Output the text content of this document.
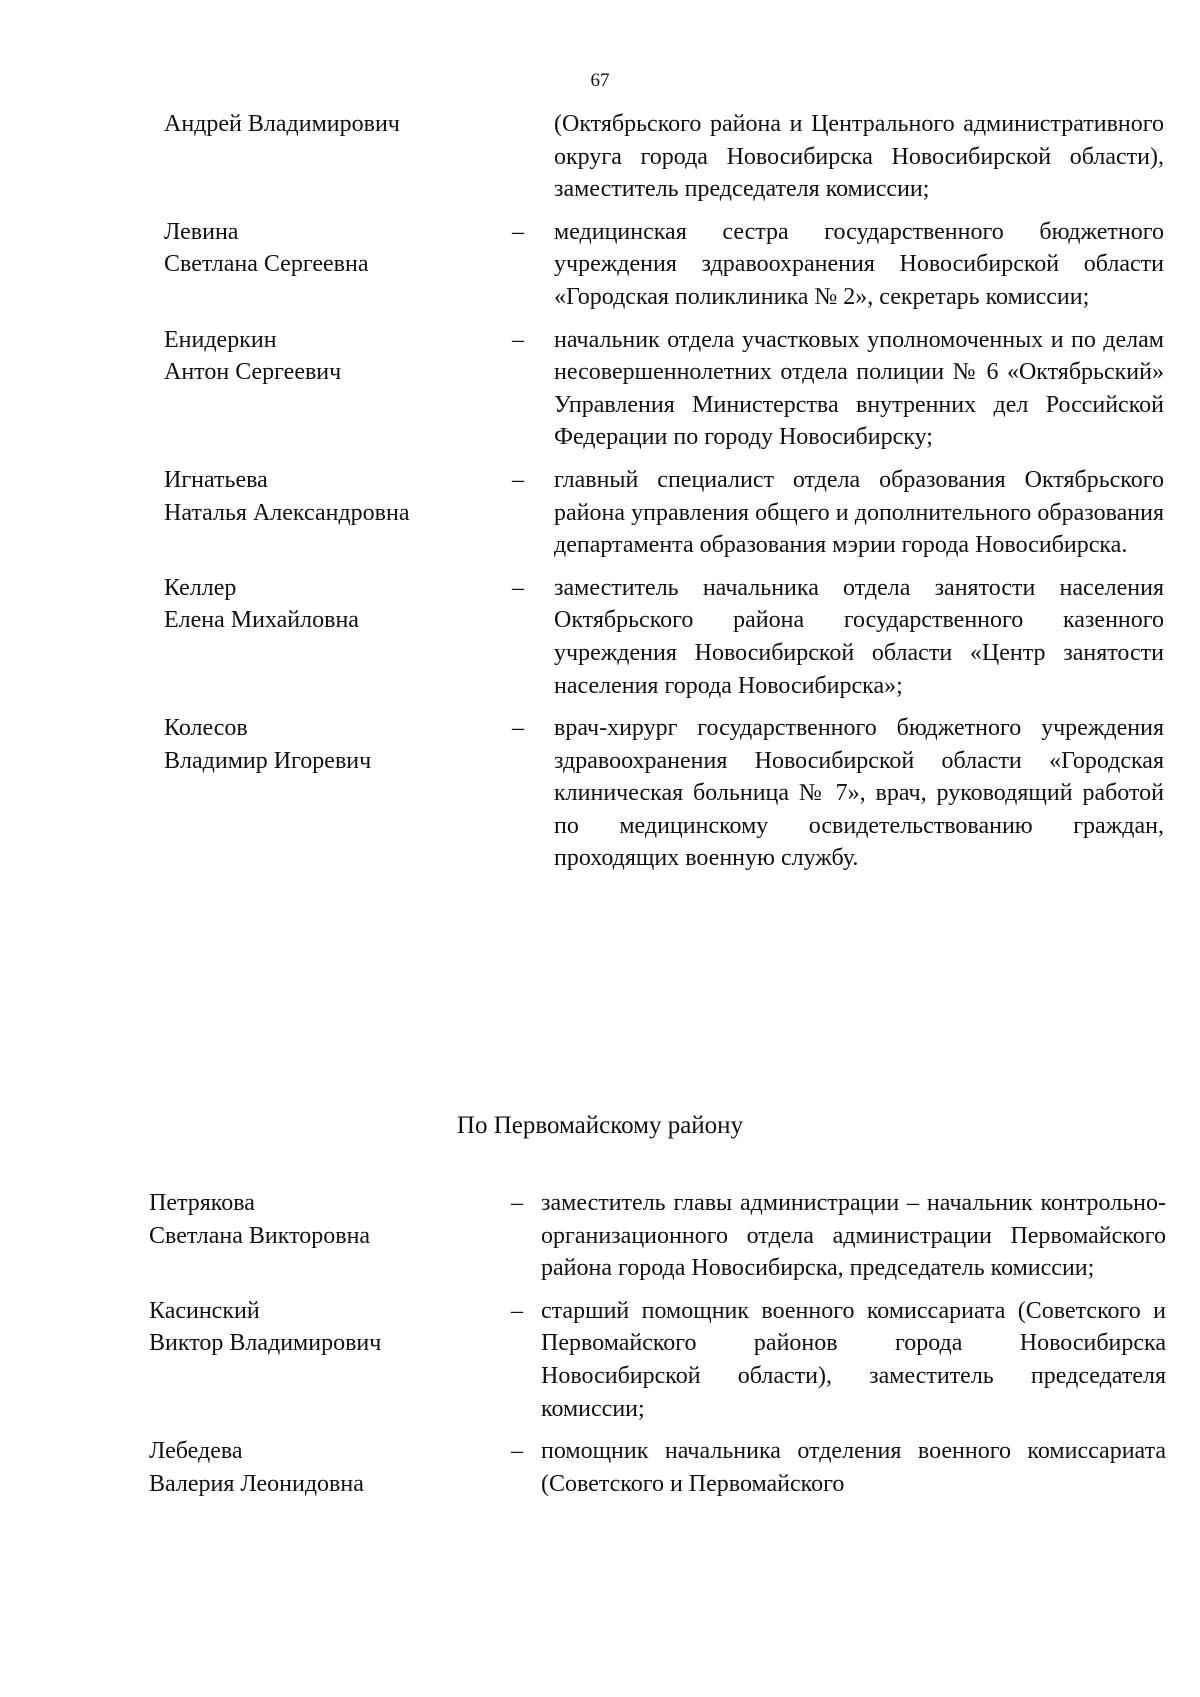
67
Андрей Владимирович	(Октябрьского района и Центрального административного округа города Новосибирска Новосибирской области), заместитель председателя комиссии;
Левина
Светлана Сергеевна
–	медицинская сестра государственного бюджетного учреждения здравоохранения Новосибирской области «Городская поликлиника № 2», секретарь комиссии;
Енидеркин
Антон Сергеевич
–	начальник отдела участковых уполномоченных и по делам несовершеннолетних отдела полиции № 6 «Октябрьский» Управления Министерства внутренних дел Российской Федерации по городу Новосибирску;
Игнатьева
Наталья Александровна
–	главный специалист отдела образования Октябрьского района управления общего и дополнительного образования департамента образования мэрии города Новосибирска.
Келлер
Елена Михайловна
–	заместитель начальника отдела занятости населения Октябрьского района государственного казенного учреждения Новосибирской области «Центр занятости населения города Новосибирска»;
Колесов
Владимир Игоревич
–	врач-хирург государственного бюджетного учреждения здравоохранения Новосибирской области «Городская клиническая больница № 7», врач, руководящий работой по медицинскому освидетельствованию граждан, проходящих военную службу.
По Первомайскому району
Петрякова
Светлана Викторовна
– заместитель главы администрации – начальник контрольно-организационного отдела администрации Первомайского района города Новосибирска, председатель комиссии;
Касинский
Виктор Владимирович
– старший помощник военного комиссариата (Советского и Первомайского районов города Новосибирска Новосибирской области), заместитель председателя комиссии;
Лебедева
Валерия Леонидовна
– помощник начальника отделения военного комиссариата (Советского и Первомайского
